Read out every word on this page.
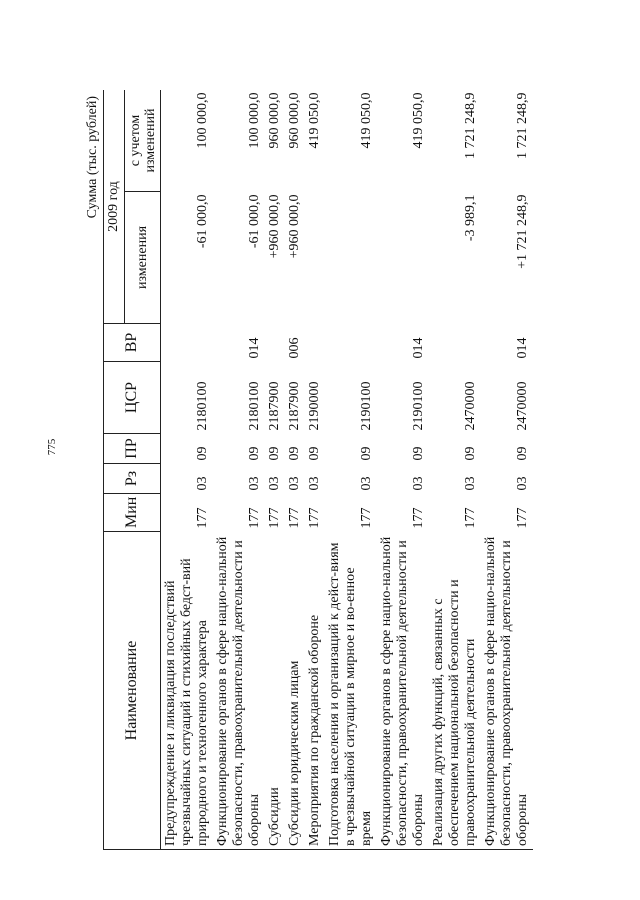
775
Сумма (тыс. рублей)
Наименование	Мин	Рз	ПР	ЦСР	ВР	2009 год	
						изменения	с учетом изменений
Предупреждение и ликвидация последствий чрезвычайных ситуаций и стихийных бедст-вий природного и техногенного характера	177	03	09	2180100		-61 000,0	100 000,0
Функционирование органов в сфере нацио-нальной безопасности, правоохранительной деятельности и обороны	177	03	09	2180100	014	-61 000,0	100 000,0
Субсидии	177	03	09	2187900		+960 000,0	960 000,0
Субсидии юридическим лицам	177	03	09	2187900	006	+960 000,0	960 000,0
Мероприятия по гражданской обороне	177	03	09	2190000			419 050,0
Подготовка населения и организаций к дейст-виям в чрезвычайной ситуации в мирное и во-енное время	177	03	09	2190100			419 050,0
Функционирование органов в сфере нацио-нальной безопасности, правоохранительной деятельности и обороны	177	03	09	2190100	014		419 050,0
Реализация других функций, связанных с обеспечением национальной безопасности и правоохранительной деятельности	177	03	09	2470000		-3 989,1	1 721 248,9
Функционирование органов в сфере нацио-нальной безопасности, правоохранительной деятельности и обороны	177	03	09	2470000	014	+1 721 248,9	1 721 248,9
